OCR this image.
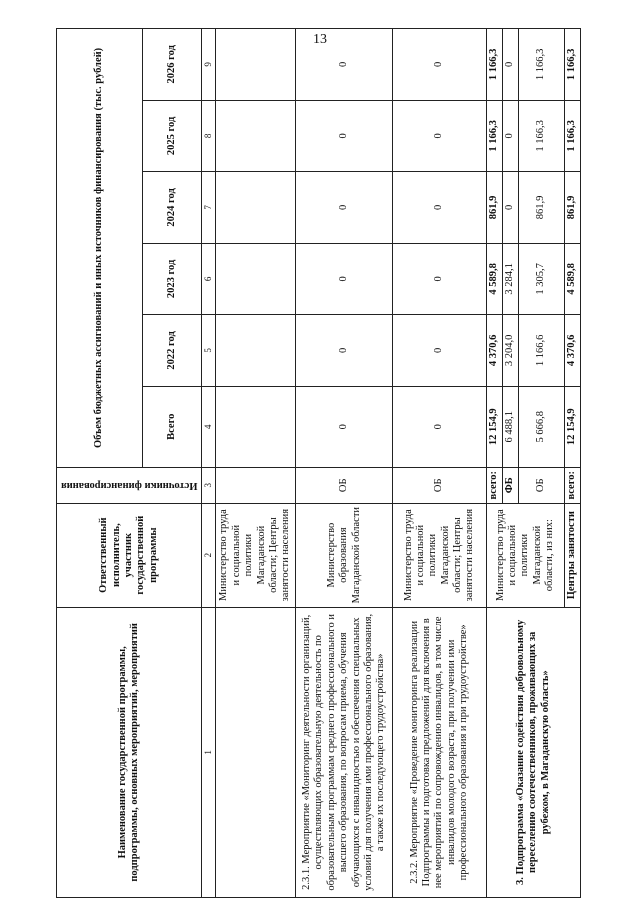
13
Наименование государственной программы, подпрограммы, основных мероприятий, мероприятий	Ответственный исполнитель, участник государственной программы	Источники финансирования	Объем бюджетных ассигнований и иных источников финансирования (тыс. рублей)					
			Всего	2022 год	2023 год	2024 год	2025 год	2026 год
1	2	3	4	5	6	7	8	9
	Министерство труда и социальной политики Магаданской области; Центры занятости населения							
2.3.1. Мероприятие «Мониторинг деятельности организаций, осуществляющих образовательную деятельность по образовательным программам среднего профессионального и высшего образования, по вопросам приема, обучения обучающихся с инвалидностью и обеспечения специальных условий для получения ими профессионального образования, а также их последующего трудоустройства»	Министерство образования Магаданской области	ОБ	0	0	0	0	0	0
2.3.2. Мероприятие «Проведение мониторинга реализации Подпрограммы и подготовка предложений для включения в нее мероприятий по сопровождению инвалидов, в том числе инвалидов молодого возраста, при получении ими профессионального образования и при трудоустройстве»	Министерство труда и социальной политики Магаданской области; Центры занятости населения	ОБ	0	0	0	0	0	0
3. Подпрограмма «Оказание содействия добровольному переселению соотечественников, проживающих за рубежом, в Магаданскую область»	Министерство труда и социальной политики Магаданской области, из них:	всего:	12 154,9	4 370,6	4 589,8	861,9	1 166,3	1 166,3
		ФБ	6 488,1	3 204,0	3 284,1	0	0	0
		ОБ	5 666,8	1 166,6	1 305,7	861,9	1 166,3	1 166,3
	Центры занятости	всего:	12 154,9	4 370,6	4 589,8	861,9	1 166,3	1 166,3
